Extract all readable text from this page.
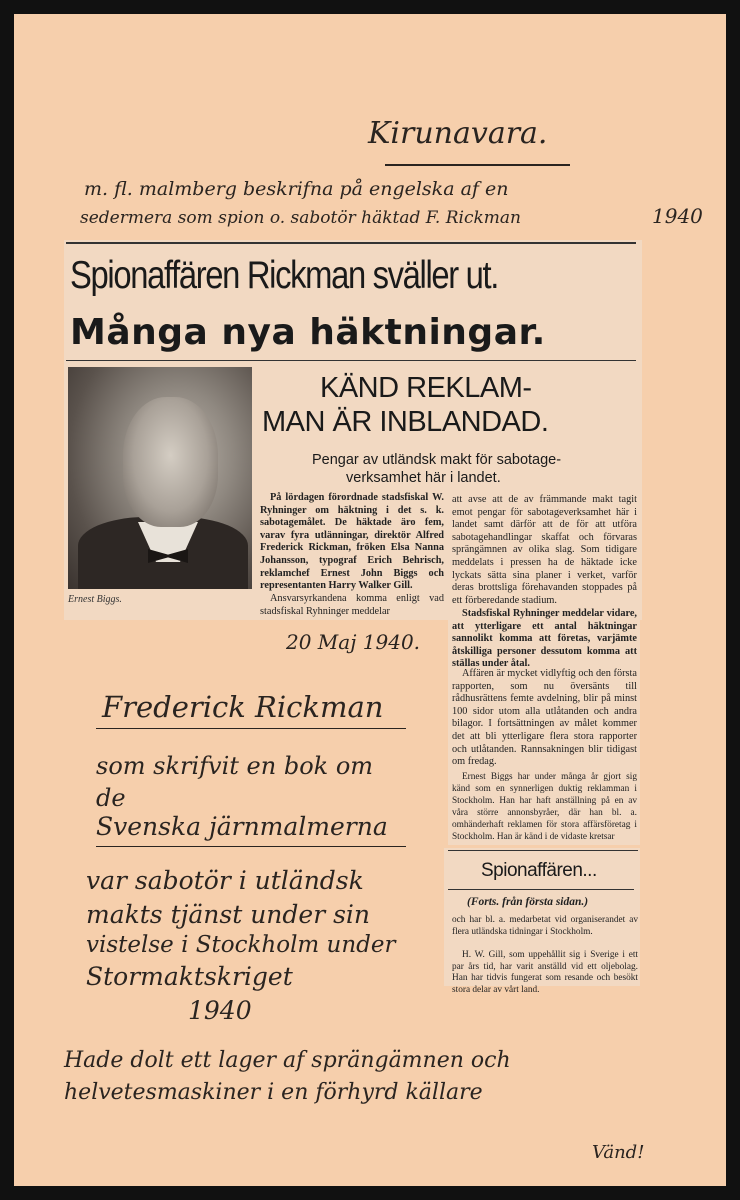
Kirunavara.
m. fl. malmberg beskrifna på engelska af en
sedermera som spion o. sabotör häktad F. Rickman	1940
Spionaffären Rickman sväller ut.
Många nya häktningar.
Ernest Biggs.
KÄND REKLAM-
MAN ÄR INBLANDAD.
Pengar av utländsk makt för sabotage-
verksamhet här i landet.
På lördagen förordnade stadsfiskal W. Ryhninger om häktning i det s. k. sabotagemålet. De häktade äro fem, varav fyra utlänningar, direktör Alfred Frederick Rickman, fröken Elsa Nanna Johansson, typograf Erich Behrisch, reklamchef Ernest John Biggs och representanten Harry Walker Gill.
Ansvarsyrkandena komma enligt vad stadsfiskal Ryhninger meddelar
att avse att de av främmande makt tagit emot pengar för sabotageverksamhet här i landet samt därför att de för att utföra sabotagehandlingar skaffat och förvaras sprängämnen av olika slag. Som tidigare meddelats i pressen ha de häktade icke lyckats sätta sina planer i verket, varför deras brottsliga förehavanden stoppades på ett förberedande stadium.
Stadsfiskal Ryhninger meddelar vidare, att ytterligare ett antal häktningar sannolikt komma att företas, varjämte åtskilliga personer dessutom komma att ställas under åtal.
Affären är mycket vidlyftig och den första rapporten, som nu översänts till rådhusrättens femte avdelning, blir på minst 100 sidor utom alla utlåtanden och andra bilagor. I fortsättningen av målet kommer det att bli ytterligare flera stora rapporter och utlåtanden. Rannsakningen blir tidigast om fredag.
Ernest Biggs har under många år gjort sig känd som en synnerligen duktig reklamman i Stockholm. Han har haft anställning på en av våra större annonsbyråer, där han bl. a. omhänderhaft reklamen för stora affärsföretag i Stockholm. Han är känd i de vidaste kretsar
Spionaffären...
(Forts. från första sidan.)
och har bl. a. medarbetat vid organiserandet av flera utländska tidningar i Stockholm.
H. W. Gill, som uppehållit sig i Sverige i ett par års tid, har varit anställd vid ett oljebolag. Han har tidvis fungerat som resande och besökt stora delar av vårt land.
20 Maj 1940.
Frederick Rickman
som skrifvit en bok om
de
Svenska järnmalmerna
var sabotör i utländsk
makts tjänst under sin
vistelse i Stockholm under
Stormaktskriget
1940
Hade dolt ett lager af sprängämnen och
helvetesmaskiner i en förhyrd källare
Vänd!
